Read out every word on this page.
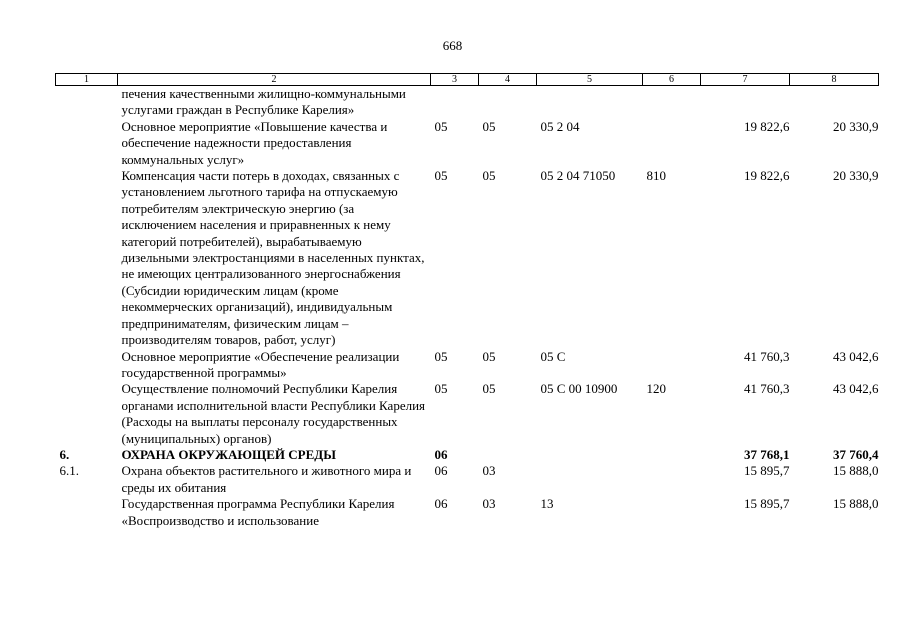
668
1	2	3	4	5	6	7	8
	печения качественными жилищно-коммунальными услугами граждан в Республике Карелия»						
	Основное мероприятие «Повышение качества и обеспечение надежности предоставления коммунальных услуг»	05	05	05 2 04		19 822,6	20 330,9
	Компенсация части потерь в доходах, связанных с установлением льготного тарифа на отпускаемую потребителям электрическую энергию (за исключением населения и приравненных к нему категорий потребителей), вырабатываемую дизельными электростанциями в населенных пунктах, не имеющих централизованного энергоснабжения (Субсидии юридическим лицам (кроме некоммерческих организаций), индивидуальным предпринимателям, физическим лицам – производителям товаров, работ, услуг)	05	05	05 2 04 71050	810	19 822,6	20 330,9
	Основное мероприятие «Обеспечение реализации государственной программы»	05	05	05 С		41 760,3	43 042,6
	Осуществление полномочий Республики Карелия органами исполнительной власти Республики Карелия (Расходы на выплаты персоналу государственных (муниципальных) органов)	05	05	05 С 00 10900	120	41 760,3	43 042,6
6.	ОХРАНА ОКРУЖАЮЩЕЙ СРЕДЫ	06				37 768,1	37 760,4
6.1.	Охрана объектов растительного и животного мира и среды их обитания	06	03			15 895,7	15 888,0
	Государственная программа Республики Карелия «Воспроизводство и использование	06	03	13		15 895,7	15 888,0
